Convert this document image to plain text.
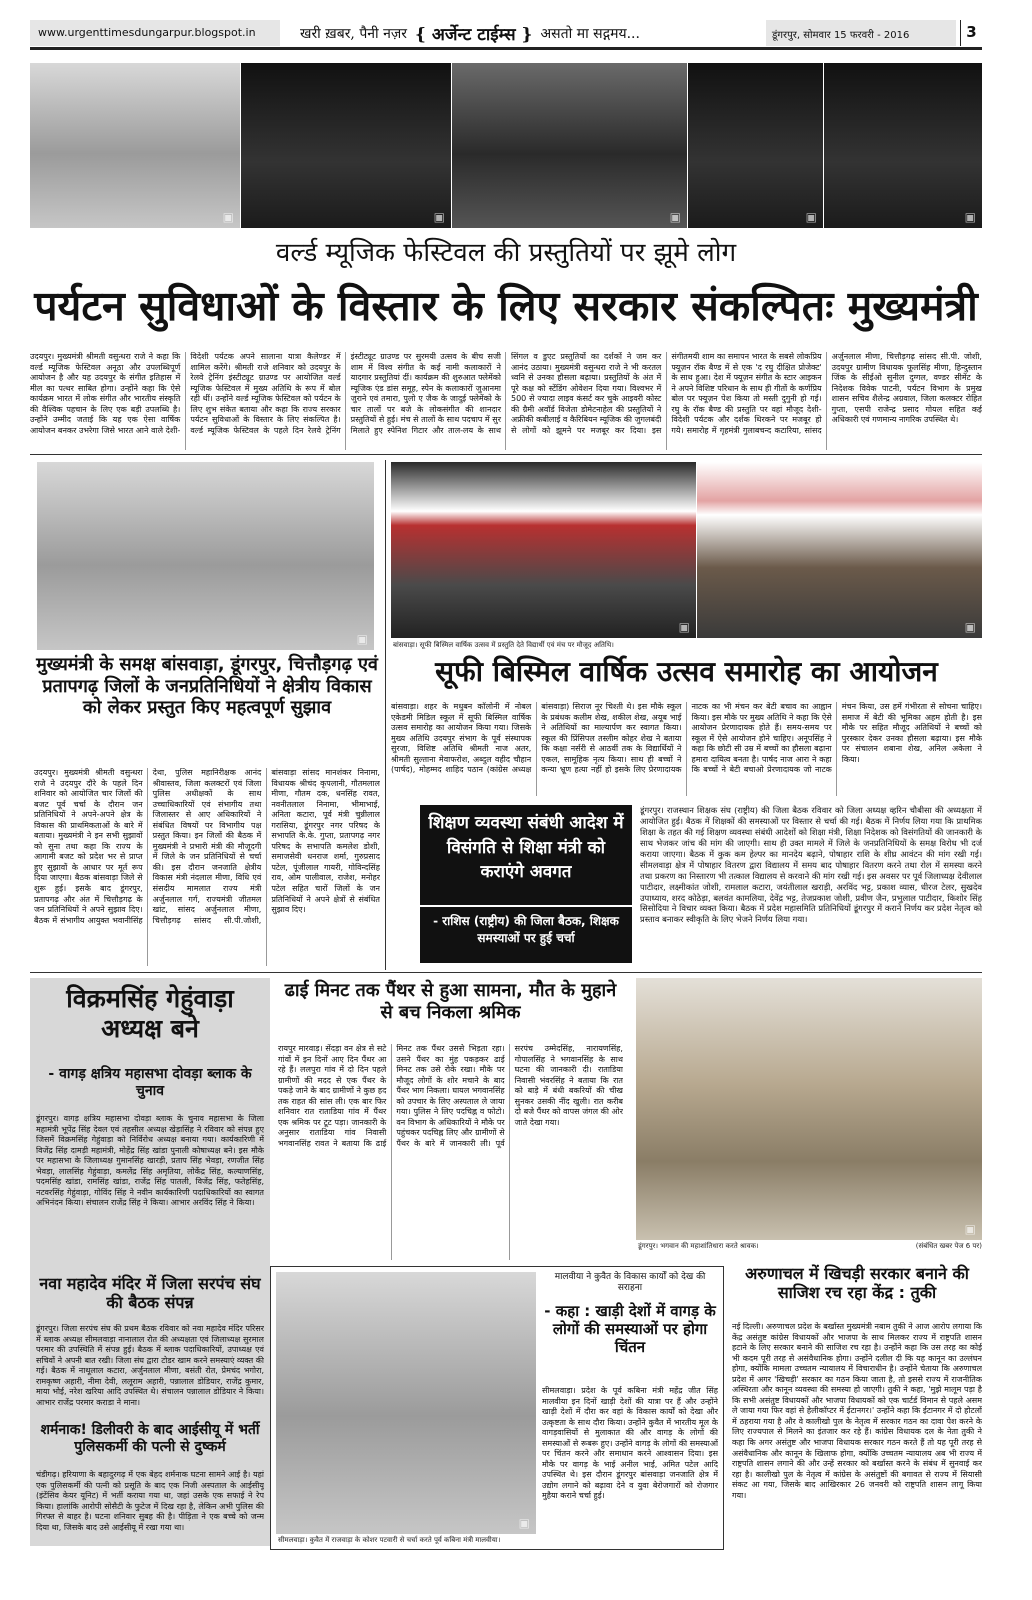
www.urgenttimesdungarpur.blogspot.in	खरी ख़बर, पैनी नज़र { अर्जेन्ट टाईम्स } असतो मा सद्गमय...	डूंगरपुर, सोमवार 15 फरवरी - 2016	3
▣	▣	▣	▣	▣
वर्ल्ड म्यूजिक फेस्टिवल की प्रस्तुतियों पर झूमे लोग
पर्यटन सुविधाओं के विस्तार के लिए सरकार संकल्पितः मुख्यमंत्री
उदयपुर। मुख्यमंत्री श्रीमती वसुन्धरा राजे ने कहा कि वर्ल्ड म्यूजिक फेस्टिवल अनूठा और उपलब्धिपूर्ण आयोजन है और यह उदयपुर के संगीत इतिहास में मील का पत्थर साबित होगा। उन्होंने कहा कि ऐसे कार्यक्रम भारत में लोक संगीत और भारतीय संस्कृति की वैश्विक पहचान के लिए एक बड़ी उपलब्धि है। उन्होंने उम्मीद जताई कि यह एक ऐसा वार्षिक आयोजन बनकर उभरेगा जिसे भारत आने वाले देशी-विदेशी पर्यटक अपने सालाना यात्रा कैलेण्डर में शामिल करेंगे। श्रीमती राजे शनिवार को उदयपुर के रेलवे ट्रेनिंग इंस्टीट्यूट ग्राउण्ड पर आयोजित वर्ल्ड म्यूजिक फेस्टिवल में मुख्य अतिथि के रूप में बोल रही थीं। उन्होंने वर्ल्ड म्यूजिक फेस्टिवल को पर्यटन के लिए शुभ संकेत बताया और कहा कि राज्य सरकार पर्यटन सुविधाओं के विस्तार के लिए संकल्पित है। वर्ल्ड म्यूजिक फेस्टिवल के पहले दिन रेलवे ट्रेनिंग इंस्टीट्यूट ग्राउण्ड पर सुरमयी उत्सव के बीच सजी शाम में विश्व संगीत के कई नामी कलाकारों ने यादगार प्रस्तुतियां दीं। कार्यक्रम की शुरुआत फ्लेमेंको म्यूजिक एंड डांस समूह, स्पेन के कलाकारों जुआनमा जुराने एवं तमारा, पुलो ए जैक के जादुई फ्लेमेंको के चार तालों पर बजे के लोकसंगीत की शानदार प्रस्तुतियों से हुई। मंच से तालों के साथ पदचाप में सुर मिलाते हुए स्पेनिश गिटार और ताल-लय के साथ सिंगल व डुएट प्रस्तुतियों का दर्शकों ने जम कर आनंद उठाया। मुख्यमंत्री वसुन्धरा राजे ने भी करतल ध्वनि से उनका हौसला बढ़ाया। प्रस्तुतियों के अंत में पूरे कक्ष को स्टेंडिंग ओवेशन दिया गया। विश्वभर में 500 से ज्यादा लाइव कंसर्ट कर चुके आइवरी कोस्ट की ग्रैमी अवॉर्ड विजेता डोमेटनाहेल की प्रस्तुतियों ने अफ्रीकी कबीलाई व कैरिबियन म्यूजिक की जुगलबंदी से लोगों को झूमने पर मजबूर कर दिया। इस संगीतमयी शाम का समापन भारत के सबसे लोकप्रिय फ्यूज़न रॉक बैण्ड में से एक 'द रघु दीक्षित प्रोजेक्ट' के साथ हुआ। देश में फ्यूज़न संगीत के स्टार आइकन ने अपने विशिष्ट परिधान के साथ ही गीतों के कर्णप्रिय बोल पर फ्यूज़न पेश किया तो मस्ती दुगुनी हो गई। रघु के रॉक बैण्ड की प्रस्तुति पर वहां मौजूद देशी-विदेशी पर्यटक और दर्शक थिरकने पर मजबूर हो गये। समारोह में गृहमंत्री गुलाबचन्द कटारिया, सांसद अर्जुनलाल मीणा, चित्तौड़गढ़ सांसद सी.पी. जोशी, उदयपुर ग्रामीण विधायक फूलसिंह मीणा, हिन्दुस्तान जिंक के सीईओ सुनील दुग्गल, वण्डर सीमेंट के निदेशक विवेक पाटनी, पर्यटन विभाग के प्रमुख शासन सचिव शैलेन्द्र अग्रवाल, जिला कलक्टर रोहित गुप्ता, एसपी राजेन्द्र प्रसाद गोयल सहित कई अधिकारी एवं गणमान्य नागरिक उपस्थित थे।
▣
मुख्यमंत्री के समक्ष बांसवाड़ा, डूंगरपुर, चित्तौड़गढ़ एवं प्रतापगढ़ जिलों के जनप्रतिनिधियों ने क्षेत्रीय विकास को लेकर प्रस्तुत किए महत्वपूर्ण सुझाव
उदयपुर। मुख्यमंत्री श्रीमती वसुन्धरा राजे ने उदयपुर दौरे के पहले दिन शनिवार को आयोजित चार जिलों की बजट पूर्व चर्चा के दौरान जन प्रतिनिधियों ने अपने-अपने क्षेत्र के विकास की प्राथमिकताओं के बारे में बताया। मुख्यमंत्री ने इन सभी सुझावों को सुना तथा कहा कि राज्य के आगामी बजट को प्रदेश भर से प्राप्त हुए सुझावों के आधार पर मूर्त रूप दिया जाएगा। बैठक बांसवाड़ा जिले से शुरू हुई। इसके बाद डूंगरपुर, प्रतापगढ़ और अंत में चित्तौड़गढ़ के जन प्रतिनिधियों ने अपने सुझाव दिए। बैठक में संभागीय आयुक्त भवानीसिंह देथा, पुलिस महानिरीक्षक आनंद श्रीवास्तव, जिला कलक्टरों एवं जिला पुलिस अधीक्षकों के साथ उच्चाधिकारियों एवं संभागीय तथा जिलास्तर से आए अधिकारियों ने संबंधित विषयों पर विभागीय पक्ष प्रस्तुत किया। इन जिलों की बैठक में मुख्यमंत्री ने प्रभारी मंत्री की मौजूदगी में जिले के जन प्रतिनिधियों से चर्चा की। इस दौरान जनजाति क्षेत्रीय विकास मंत्री नंदलाल मीणा, विधि एवं संसदीय मामलात राज्य मंत्री अर्जुनलाल गर्ग, राज्यमंत्री जीतमल खांट, सांसद अर्जुनलाल मीणा, चित्तौड़गढ़ सांसद सी.पी.जोशी, बांसवाड़ा सांसद मानशंकर निनामा, विधायक श्रीचंद कृपलानी, गौतमलाल मीणा, गौतम दक, धनसिंह रावत, नवनीतलाल निनामा, भीमाभाई, अनिता कटारा, पूर्व मंत्री चुन्नीलाल गरासिया, डूंगरपुर नगर परिषद के सभापति के.के. गुप्ता, प्रतापगढ़ नगर परिषद के सभापति कमलेश डोशी, समाजसेवी धनराज शर्मा, गुरुप्रसाद पटेल, पूंजीलाल गायरी, गोविन्दसिंह राव, ओम पालीवाल, राजेश, मनोहर पटेल सहित चारों जिलों के जन प्रतिनिधियों ने अपने क्षेत्रों से संबंधित सुझाव दिए।
▣	▣
बांसवाड़ा। सूफी बिस्मिल वार्षिक उत्सव में प्रस्तुति देते विद्यार्थी एवं मंच पर मौजूद अतिथि।
सूफी बिस्मिल वार्षिक उत्सव समारोह का आयोजन
बांसवाड़ा। शहर के मधुबन कॉलोनी में नोबल एकेडमी मिडिल स्कूल में सूफी बिस्मिल वार्षिक उत्सव समारोह का आयोजन किया गया। जिसके मुख्य अतिथि उदयपुर संभाग के पूर्व संस्थापक सुरजा, विशिष्ट अतिथि श्रीमती नाज अतर, श्रीमती सुल्ताना मेवाफरोश, अब्दुल वहीद चौहान (पार्षद), मोहम्मद शाहिद पठान (कांग्रेस अध्यक्ष बांसवाड़ा) सिराज नूर चिश्ती थे। इस मौके स्कूल के प्रबंधक कलीम शेख, शकील शेख, अयूब भाई ने अतिथियों का माल्यार्पण कर स्वागत किया। स्कूल की प्रिंसिपल तस्लीम कोहर शेख ने बताया कि कक्षा नर्सरी से आठवीं तक के विद्यार्थियों ने एकल, सामूहिक नृत्य किया। साथ ही बच्चों ने कन्या भ्रूण हत्या नहीं हो इसके लिए प्रेरणादायक नाटक का भी मंचन कर बेटी बचाव का आह्वान किया। इस मौके पर मुख्य अतिथि ने कहा कि ऐसे आयोजन प्रेरणादायक होते हैं। समय-समय पर स्कूल में ऐसे आयोजन होने चाहिए। अनूपसिंह ने कहा कि छोटी सी उम्र में बच्चों का हौसला बढ़ाना हमारा दायित्व बनता है। पार्षद नाज आरा ने कहा कि बच्चों ने बेटी बचाओ प्रेरणादायक जो नाटक मंचन किया, उस हमें गंभीरता से सोचना चाहिए। समाज में बेटी की भूमिका अहम होती है। इस मौके पर सहित मौजूद अतिथियों ने बच्चों को पुरस्कार देकर उनका हौसला बढ़ाया। इस मौके पर संचालन शबाना शेख, अनिल अकेला ने किया।
शिक्षण व्यवस्था संबंधी आदेश में विसंगति से शिक्षा मंत्री को कराएंगे अवगत
- राशिस (राष्ट्रीय) की जिला बैठक, शिक्षक समस्याओं पर हुई चर्चा
डूंगरपुर। राजस्थान शिक्षक संघ (राष्ट्रीय) की जिला बैठक रविवार को जिला अध्यक्ष व्हरिन चौबीसा की अध्यक्षता में आयोजित हुई। बैठक में शिक्षकों की समस्याओं पर विस्तार से चर्चा की गई। बैठक में निर्णय लिया गया कि प्राथमिक शिक्षा के तहत की गई शिक्षण व्यवस्था संबंधी आदेशों को शिक्षा मंत्री, शिक्षा निदेशक को विसंगतियों की जानकारी के साथ भेजकर जांच की मांग की जाएगी। साथ ही उक्त मामले में जिले के जनप्रतिनिधियों के समक्ष विरोध भी दर्ज कराया जाएगा। बैठक में कुक कम हेल्पर का मानदेय बढ़ाने, पोषाहार राशि के शीघ्र आवंटन की मांग रखी गई। सीमलवाड़ा क्षेत्र में पोषाहार वितरण द्वारा विद्यालय में समय बाद पोषाहार वितरण करने तथा रोल में समस्या करने तथा प्रकरण का निस्तारण भी तत्काल विद्यालय से करवाने की मांग रखी गई। इस अवसर पर पूर्व जिलाध्यक्ष देवीलाल पाटीदार, लक्ष्मीकांत जोशी, रामलाल कटारा, जयंतीलाल खराड़ी, अरविंद भट्ट, प्रकाश व्यास, धीरज टेलर, सुखदेव उपाध्याय, शरद कोठेड़ा, बलवंत कामलिया, देवेंद्र भट्ट, तेजप्रकाश जोशी, प्रवीण जैन, प्रभुलाल पाटीदार, किशोर सिंह सिसोदिया ने विचार व्यक्त किया। बैठक में प्रदेश महासमिति प्रतिनिधियों डूंगरपुर में कराने निर्णय कर प्रदेश नेतृत्व को प्रस्ताव बनाकर स्वीकृति के लिए भेजने निर्णय लिया गया।
विक्रमसिंह गेहुंवाड़ा अध्यक्ष बने
- वागड़ क्षत्रिय महासभा दोवड़ा ब्लाक के चुनाव
डूंगरपुर। वागड़ क्षत्रिय महासभा दोवड़ा ब्लाक के चुनाव महासभा के जिला महामंत्री भूपेंद्र सिंह देवल एवं तहसील अध्यक्ष खेड़ासिंह ने रविवार को संपन्न हुए जिसमें विक्रमसिंह गेहुंवाड़ा को निर्विरोध अध्यक्ष बनाया गया। कार्यकारिणी में विजेंद्र सिंह दामड़ी महामंत्री, मोहेंद्र सिंह खांडा पुनाली कोषाध्यक्ष बने। इस मौके पर महासभा के जिलाध्यक्ष गुमानसिंह खारड़ी, प्रताप सिंह भेवड़ा, रणजीत सिंह भेवड़ा, लालसिंह गेहुंवाड़ा, कमलेंद्र सिंह अमृतिया, लोकेंद्र सिंह, कल्याणसिंह, पदमसिंह खांडा, रामसिंह खांडा, राजेंद्र सिंह पातली, विजेंद्र सिंह, फतेहसिंह, नटवरसिंह गेहुंवाड़ा, गोविंद सिंह ने नवीन कार्यकारिणी पदाधिकारियों का स्वागत अभिनंदन किया। संचालन राजेंद्र सिंह ने किया। आभार अरविंद सिंह ने किया।
नवा महादेव मंदिर में जिला सरपंच संघ की बैठक संपन्न
डूंगरपुर। जिला सरपंच संघ की प्रथम बैठक रविवार को नवा महादेव मंदिर परिसर में ब्लाक अध्यक्ष सीमलवाड़ा नानालाल रोत की अध्यक्षता एवं जिलाध्यक्ष सुरमाल परमार की उपस्थिति में संपन्न हुई। बैठक में ब्लाक पदाधिकारियों, उपाध्यक्ष एवं सचिवों ने अपनी बात रखी। जिला संघ द्वारा टोडर खाम करने समस्याएं व्यक्त की गई। बैठक में नाथूलाल कटारा, अर्जुनलाल मीणा, बसंती रोत, प्रेमचंद भगोरा, रामकृष्ण अहारी, नीमा देवी, ललूराम अहारी, पन्नालाल डोडियार, राजेंद्र कुमार, माया भोई, नरेश खरिया आदि उपस्थित थे। संचालन पन्नालाल डोडियार ने किया। आभार राजेंद्र परमार कराडा ने माना।
शर्मनाक! डिलीवरी के बाद आईसीयू में भर्ती पुलिसकर्मी की पत्नी से दुष्कर्म
चंडीगढ़। हरियाणा के बहादुरगढ़ में एक बेहद शर्मनाक घटना सामने आई है। यहां एक पुलिसकर्मी की पत्नी को प्रसूति के बाद एक निजी अस्पताल के आईसीयू (इंटेंसिव केयर यूनिट) में भर्ती कराया गया था, जहां उसके एक सफाई ने रेप किया। हालांकि आरोपी सोसैटी के फुटेज में दिख रहा है, लेकिन अभी पुलिस की गिरफ्त से बाहर है। घटना शनिवार सुबह की है। पीड़िता ने एक बच्चे को जन्म दिया था, जिसके बाद उसे आईसीयू में रखा गया था।
ढाई मिनट तक पैंथर से हुआ सामना, मौत के मुहाने से बच निकला श्रमिक
रायपुर मारवाड़। सेंदड़ा वन क्षेत्र से सटे गांवों में इन दिनों आए दिन पैंथर आ रहे हैं। ललपुरा गांव में दो दिन पहले ग्रामीणों की मदद से एक पैंथर के पकड़े जाने के बाद ग्रामीणों ने कुछ हद तक राहत की सांस ली। एक बार फिर शनिवार रात राताडिया गांव में पैंथर एक श्रमिक पर टूट पड़ा। जानकारी के अनुसार राताडिया गांव निवासी भगवानसिंह रावत ने बताया कि ढाई मिनट तक पैंथर उससे भिड़ता रहा। उसने पैंथर का मुंह पकड़कर ढाई मिनट तक उसे रोके रखा। मौके पर मौजूद लोगों के शोर मचाने के बाद पैंथर भाग निकला। घायल भगवानसिंह को उपचार के लिए अस्पताल ले जाया गया। पुलिस ने लिए पदचिह्न व फोटो। वन विभाग के अधिकारियों ने मौके पर पहुंचकर पदचिह्न लिए और ग्रामीणों से पैंथर के बारे में जानकारी ली। पूर्व सरपंच उम्मेदसिंह, नारायणसिंह, गोपालसिंह ने भगवानसिंह के साथ घटना की जानकारी दी। राताडिया निवासी भंवरसिंह ने बताया कि रात को बाड़े में बंधी बकरियों की चीख सुनकर उसकी नींद खुली। रात करीब दो बजे पैंथर को वापस जंगल की ओर जाते देखा गया।
▣
डूंगरपुर। भगवान की महाशांतिधारा करते श्रावक।	(संबंधित खबर पेज 6 पर)
▣
सीमलवाड़ा। कुवैत में राजवाड़ा के कोशर पटवारी से चर्चा करते पूर्व कबिना मंत्री मालवीया।
मालवीया ने कुवैत के विकास कार्यों को देख की सराहना
- कहा : खाड़ी देशों में वागड़ के लोगों की समस्याओं पर होगा चिंतन
सीमलवाड़ा। प्रदेश के पूर्व कबिना मंत्री महेंद्र जीत सिंह मालवीया इन दिनों खाड़ी देशों की यात्रा पर हैं और उन्होंने खाड़ी देशों में दौरा कर वहां के विकास कार्यों को देखा और उत्कृष्टता के साथ दौरा किया। उन्होंने कुवैत में भारतीय मूल के वागड़वासियों से मुलाकात की और वागड़ के लोगों की समस्याओं से रूबरू हुए। उन्होंने वागड़ के लोगों की समस्याओं पर चिंतन करने और समाधान करने आश्वासन दिया। इस मौके पर वागड़ के भाई अनील भाई, अमित पटेल आदि उपस्थित थे। इस दौरान डूंगरपुर बांसवाड़ा जनजाति क्षेत्र में उद्योग लगाने को बढ़ावा देने व युवा बेरोजगारों को रोजगार मुहैया कराने चर्चा हुई।
अरुणाचल में खिचड़ी सरकार बनाने की साजिश रच रहा केंद्र : तुकी
नई दिल्ली। अरुणाचल प्रदेश के बर्खास्त मुख्यमंत्री नबाम तुकी ने आज आरोप लगाया कि केंद्र असंतुष्ट कांग्रेस विधायकों और भाजपा के साथ मिलकर राज्य में राष्ट्रपति शासन हटाने के लिए सरकार बनाने की साजिश रच रहा है। उन्होंने कहा कि उस तरह का कोई भी कदम पूरी तरह से असंवैधानिक होगा। उन्होंने दलील दी कि यह कानून का उल्लंघन होगा, क्योंकि मामला उच्चतम न्यायालय में विचाराधीन है। उन्होंने चेताया कि अरुणाचल प्रदेश में अगर 'खिचड़ी' सरकार का गठन किया जाता है, तो इससे राज्य में राजनीतिक अस्थिरता और कानून व्यवस्था की समस्या हो जाएगी। तुकी ने कहा, 'मुझे मालूम पड़ा है कि सभी असंतुष्ट विधायकों और भाजपा विधायकों को एक चार्टर्ड विमान से पहले असम ले जाया गया फिर वहां से हेलीकॉप्टर में ईटानगर।' उन्होंने कहा कि ईटानगर में दो होटलों में ठहराया गया है और वे कालीखो पुल के नेतृत्व में सरकार गठन का दावा पेश करने के लिए राज्यपाल से मिलने का इंतजार कर रहे हैं। कांग्रेस विधायक दल के नेता तुकी ने कहा कि अगर असंतुष्ट और भाजपा विधायक सरकार गठन करते हैं तो यह पूरी तरह से असंवैधानिक और कानून के खिलाफ होगा, क्योंकि उच्चतम न्यायालय अब भी राज्य में राष्ट्रपति शासन लगाने की और उन्हें सरकार को बर्खास्त करने के संबंध में सुनवाई कर रहा है। कालीखो पुल के नेतृत्व में कांग्रेस के असंतुष्टों की बगावत से राज्य में सियासी संकट आ गया, जिसके बाद आखिरकार 26 जनवरी को राष्ट्रपति शासन लागू किया गया।
